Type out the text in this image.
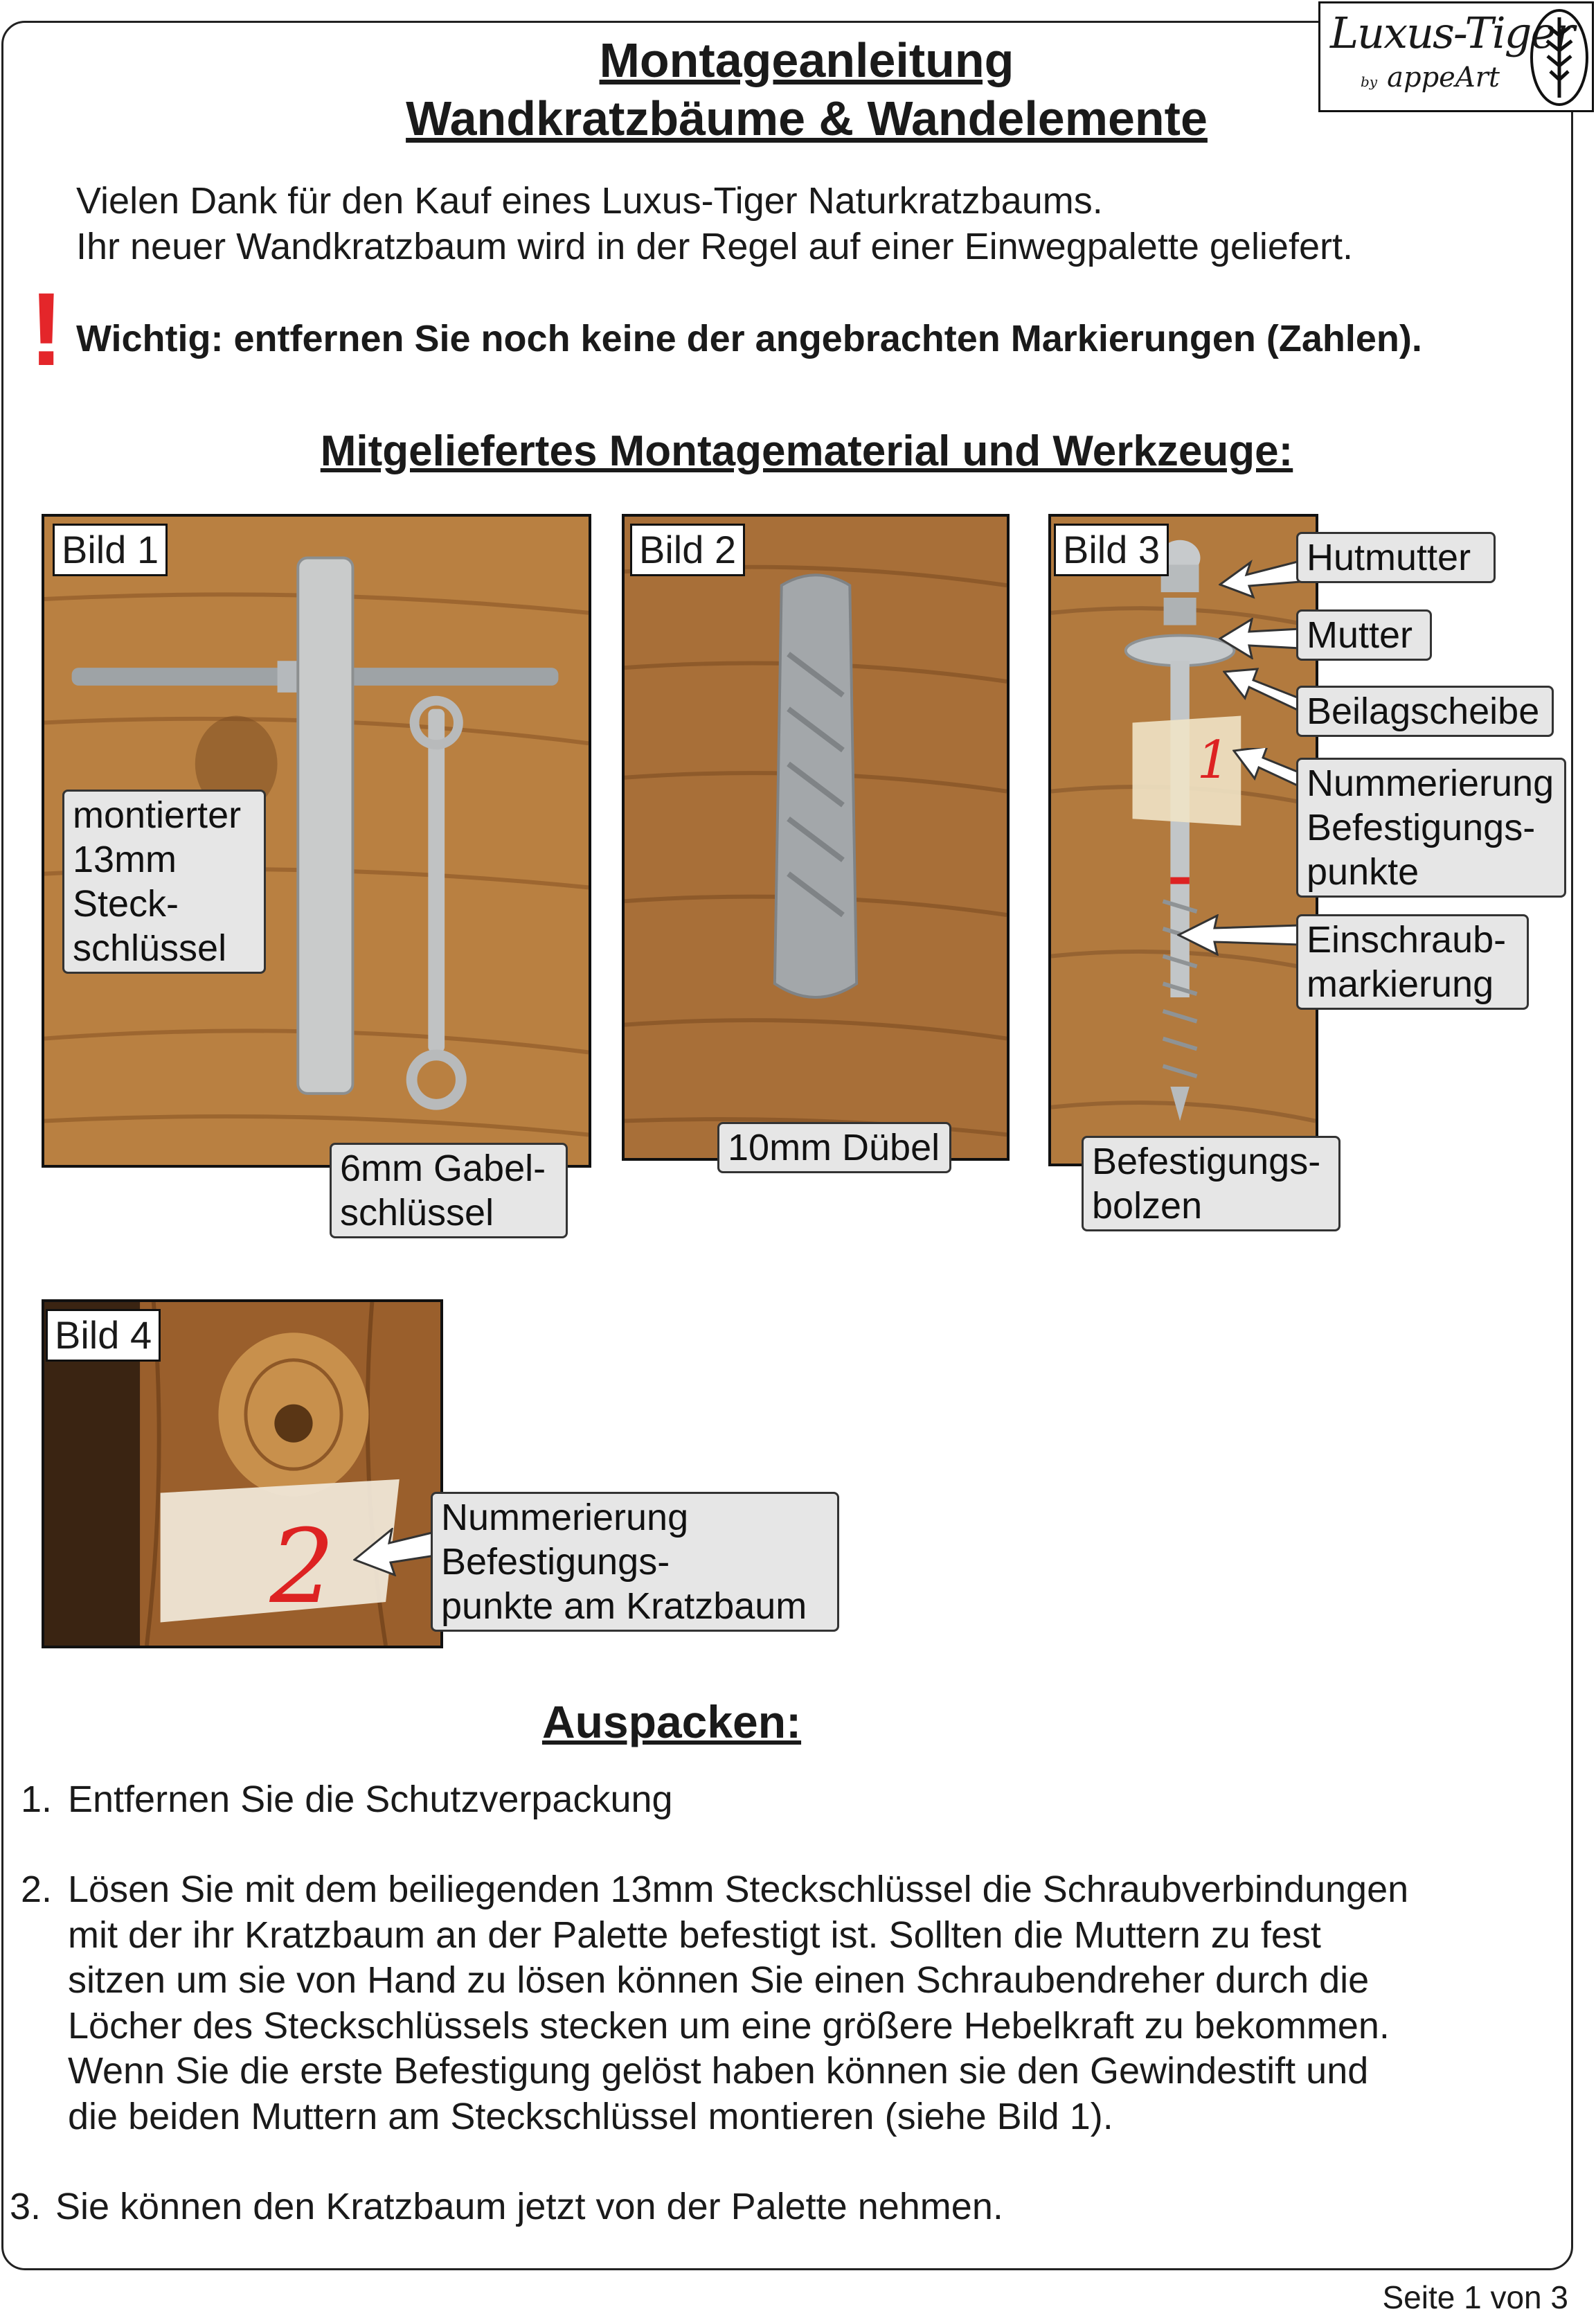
Luxus-Tiger
by appeArt
Montageanleitung
Wandkratzbäume & Wandelemente
Vielen Dank für den Kauf eines Luxus-Tiger Naturkratzbaums.
Ihr neuer Wandkratzbaum wird in der Regel auf einer Einwegpalette geliefert.
! Wichtig: entfernen Sie noch keine der angebrachten Markierungen (Zahlen).
Mitgeliefertes Montagematerial und Werkzeuge:
Bild 1
montierter
13mm
Steck-
schlüssel
6mm Gabel-
schlüssel
Bild 2
10mm Dübel
1
Bild 3	Hutmutter
Mutter
Beilagscheibe
Nummerierung
Befestigungs-
punkte
Einschraub-
markierung
Befestigungs-
bolzen
2
Bild 4
Nummerierung
Befestigungs-
punkte am Kratzbaum
Auspacken:
1. Entfernen Sie die Schutzverpackung
2. Lösen Sie mit dem beiliegenden 13mm Steckschlüssel die Schraubverbindungen
mit der ihr Kratzbaum an der Palette befestigt ist. Sollten die Muttern zu fest
sitzen um sie von Hand zu lösen können Sie einen Schraubendreher durch die
Löcher des Steckschlüssels stecken um eine größere Hebelkraft zu bekommen.
Wenn Sie die erste Befestigung gelöst haben können sie den Gewindestift und
die beiden Muttern am Steckschlüssel montieren (siehe Bild 1).
3. Sie können den Kratzbaum jetzt von der Palette nehmen.
Seite 1 von 3
